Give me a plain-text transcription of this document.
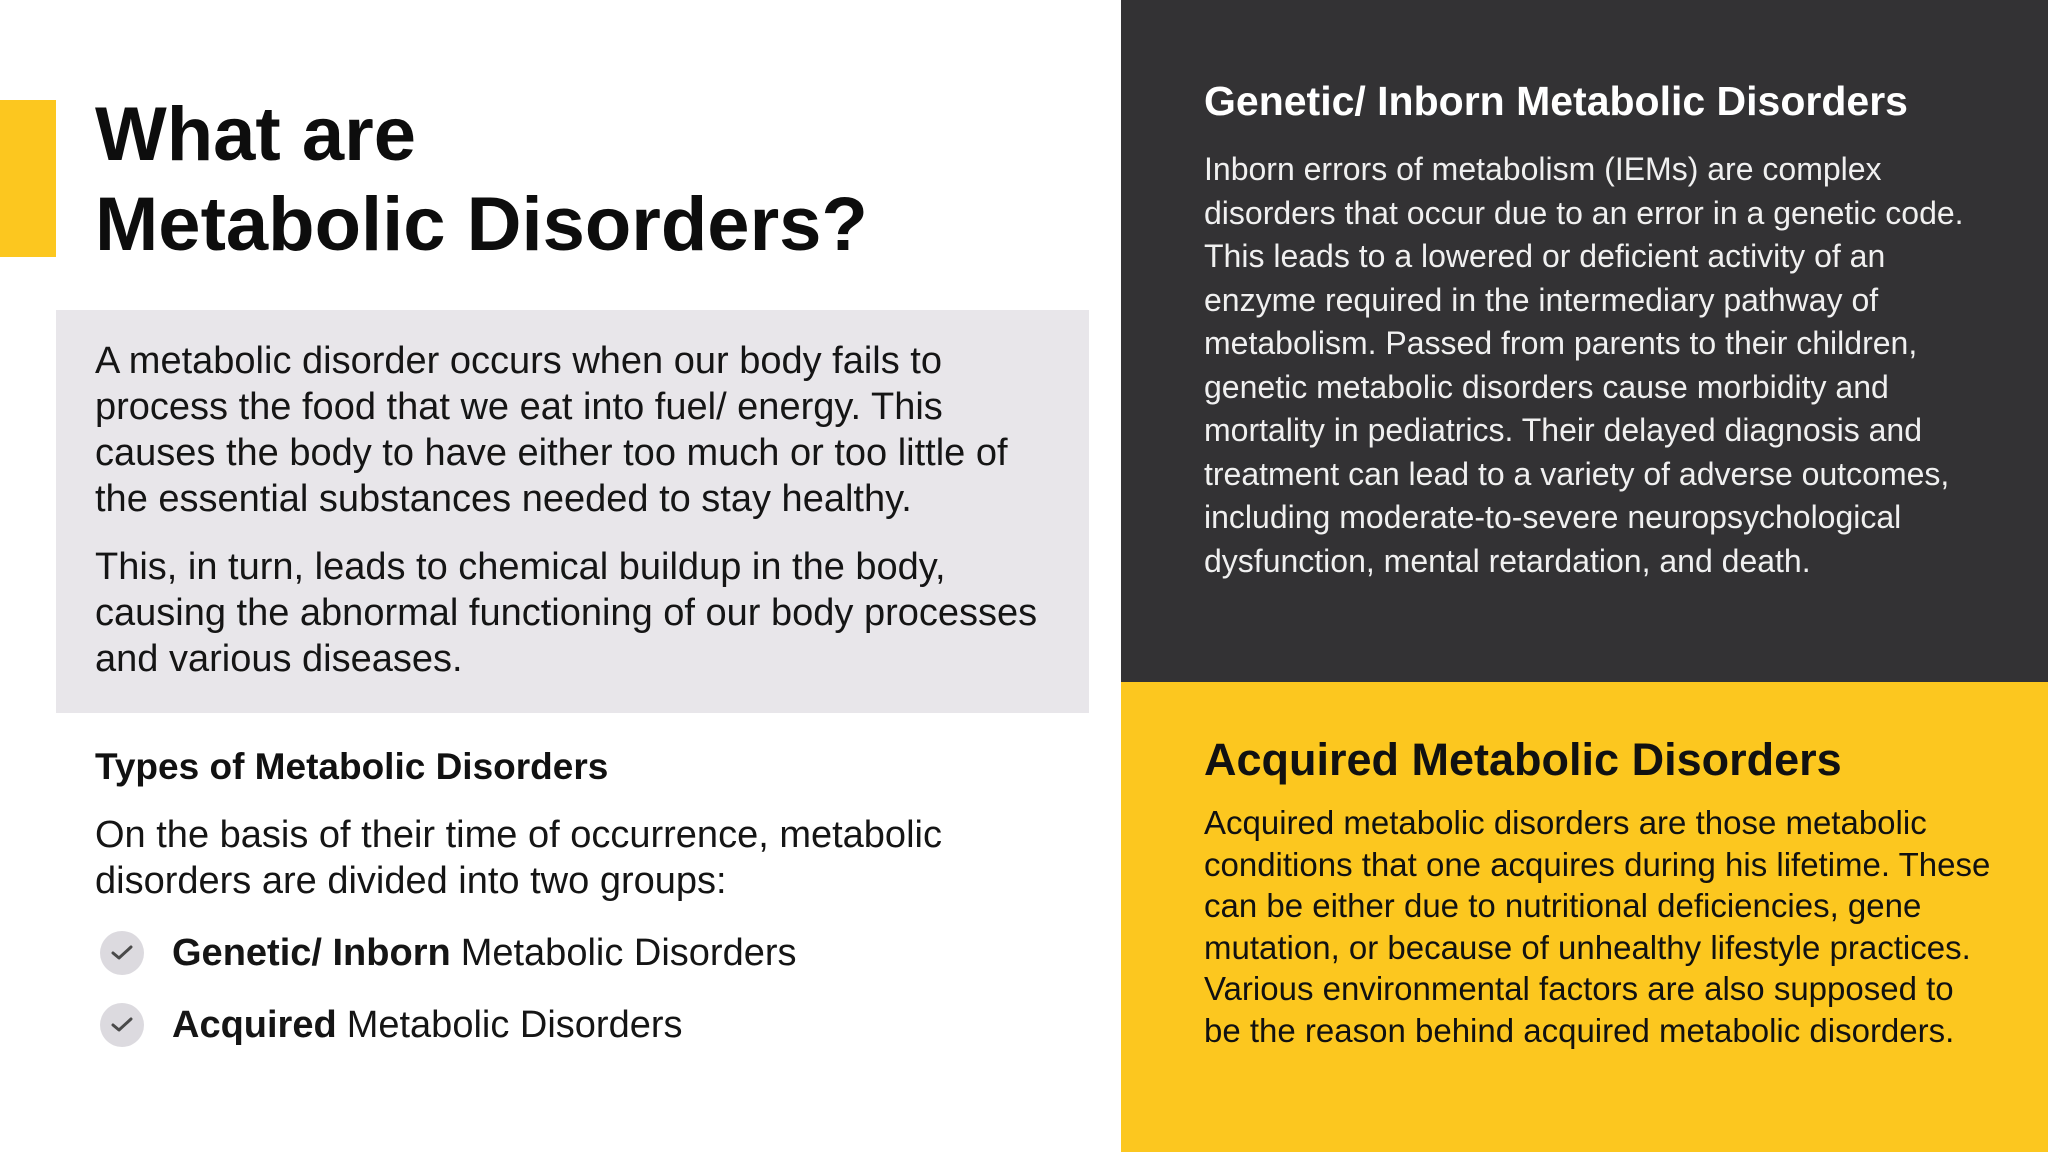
What are
Metabolic Disorders?

A metabolic disorder occurs when our body fails to process the food that we eat into fuel/ energy. This causes the body to have either too much or too little of the essential substances needed to stay healthy.

This, in turn, leads to chemical buildup in the body, causing the abnormal functioning of our body processes and various diseases.

Types of Metabolic Disorders

On the basis of their time of occurrence, metabolic disorders are divided into two groups:

Genetic/ Inborn Metabolic Disorders
Acquired Metabolic Disorders
Genetic/ Inborn Metabolic Disorders

Inborn errors of metabolism (IEMs) are complex disorders that occur due to an error in a genetic code. This leads to a lowered or deficient activity of an enzyme required in the intermediary pathway of metabolism. Passed from parents to their children, genetic metabolic disorders cause morbidity and mortality in pediatrics. Their delayed diagnosis and treatment can lead to a variety of adverse outcomes, including moderate-to-severe neuropsychological dysfunction, mental retardation, and death.

Acquired Metabolic Disorders

Acquired metabolic disorders are those metabolic conditions that one acquires during his lifetime. These can be either due to nutritional deficiencies, gene mutation, or because of unhealthy lifestyle practices. Various environmental factors are also supposed to be the reason behind acquired metabolic disorders.
